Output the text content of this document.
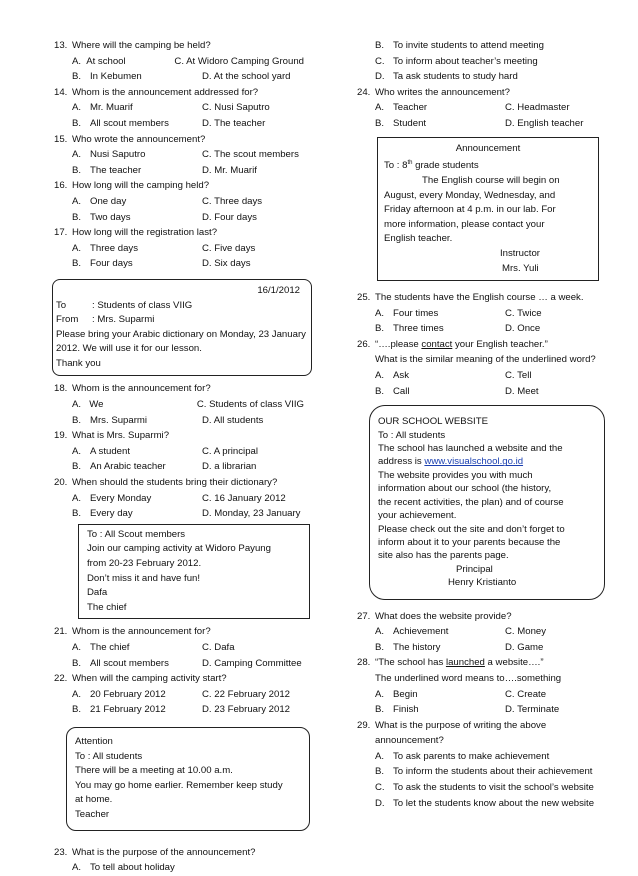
13. Where will the camping be held?

A. At school	C. At Widoro Camping Ground
B. In Kebumen	D. At the school yard

14. Whom is the announcement addressed for?

A. Mr. Muarif	C. Nusi Saputro
B. All scout members	D. The teacher

15. Who wrote the announcement?

A. Nusi Saputro	C. The scout members
B. The teacher	D. Mr. Muarif

16. How long will the camping held?

A. One day	C. Three days
B. Two days	D. Four days

17. How long will the registration last?

A. Three days	C. Five days
B. Four days	D. Six days
16/1/2012
To	: Students of class VIIG
From : Mrs. Suparmi
Please bring your Arabic dictionary on Monday, 23 January
2012. We will use it for our lesson.
Thank you

18. Whom is the announcement for?

A. We	C. Students of class VIIG
B. Mrs. Suparmi	D. All students

19. What is Mrs. Suparmi?

A. A student	C. A principal
B. An Arabic teacher	D. a librarian

20. When should the students bring their dictionary?

A. Every Monday	C. 16 January 2012
B. Every day	D. Monday, 23 January
To : All Scout members
Join our camping activity at Widoro Payung
from 20-23 February 2012.
Don’t miss it and have fun!
Dafa
The chief

21. Whom is the announcement for?

A. The chief	C. Dafa
B. All scout members	D. Camping Committee

22. When will the camping activity start?

A. 20 February 2012	C. 22 February 2012
B. 21 February 2012	D. 23 February 2012
Attention
To : All students
There will be a meeting at 10.00 a.m.
You may go home earlier. Remember keep study
at home.
Teacher

23. What is the purpose of the announcement?

A. To tell about holiday
B. To invite students to attend meeting
C. To inform about teacher’s meeting
D. Ta ask students to study hard

24. Who writes the announcement?

A. Teacher	C. Headmaster
B. Student	D. English teacher
Announcement
To : 8th grade students
The English course will begin on
August, every Monday, Wednesday, and
Friday afternoon at 4 p.m. in our lab. For
more information, please contact your
English teacher.
Instructor
Mrs. Yuli

25. The students have the English course … a week.

A. Four times	C. Twice
B. Three times	D. Once

26. “….please contact your English teacher.”

What is the similar meaning of the underlined word?

A. Ask	C. Tell
B. Call	D. Meet
OUR SCHOOL WEBSITE
To : All students
The school has launched a website and the
address is www.visualschool.go.id
The website provides you with much
information about our school (the history,
the recent activities, the plan) and of course
your achievement.
Please check out the site and don’t forget to
inform about it to your parents because the
site also has the parents page.
Principal
Henry Kristianto

27. What does the website provide?

A. Achievement	C. Money
B. The history	D. Game

28. “The school has launched a website….”

The underlined word means to….something

A. Begin	C. Create
B. Finish	D. Terminate

29. What is the purpose of writing the above

announcement?

A. To ask parents to make achievement
B. To inform the students about their achievement
C. To ask the students to visit the school’s website
D. To let the students know about the new website
